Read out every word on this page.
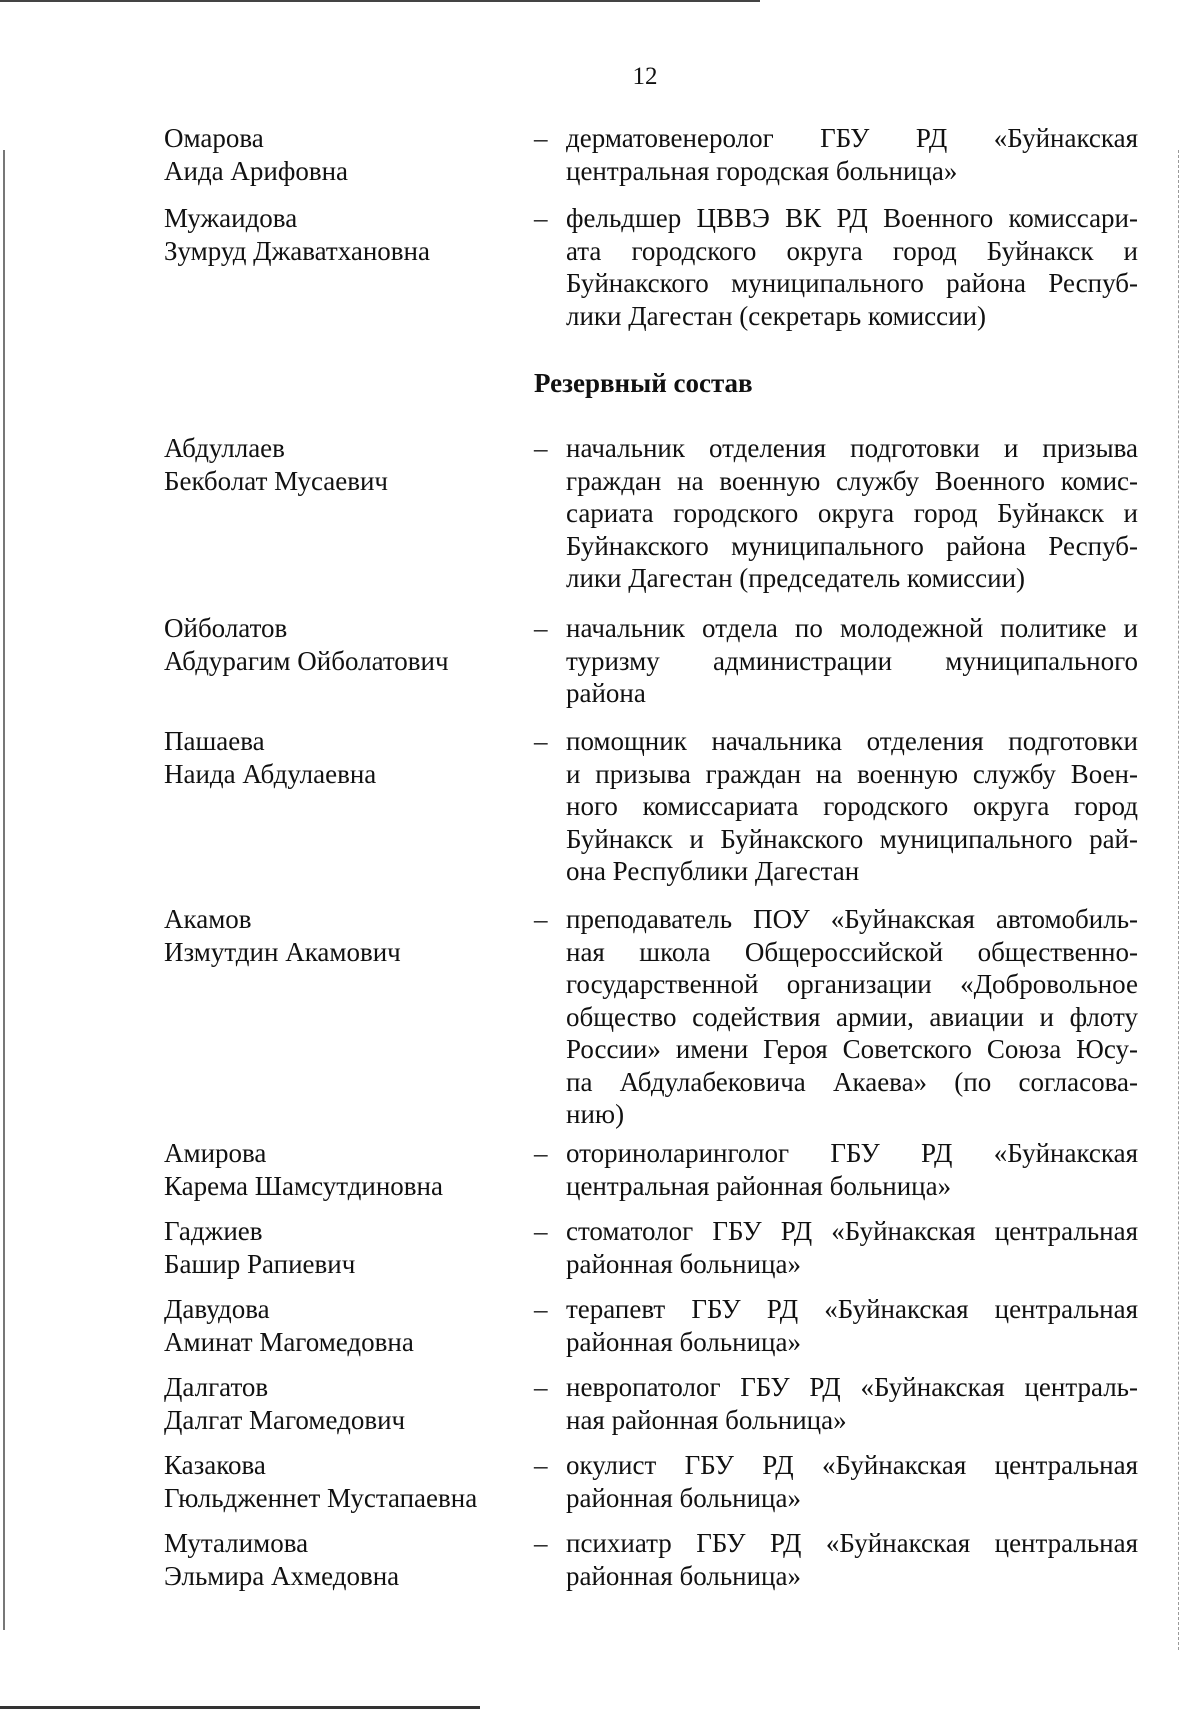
12
Резервный состав
Омарова
Аида Арифовна
– дерматовенеролог ГБУ РД «Буйнакская
центральная городская больница»
Мужаидова
Зумруд Джаватхановна
– фельдшер ЦВВЭ ВК РД Военного комиссари-
ата городского округа город Буйнакск и
Буйнакского муниципального района Респуб-
лики Дагестан (секретарь комиссии)
Абдуллаев
Бекболат Мусаевич
– начальник отделения подготовки и призыва
граждан на военную службу Военного комис-
сариата городского округа город Буйнакск и
Буйнакского муниципального района Респуб-
лики Дагестан (председатель комиссии)
Ойболатов
Абдурагим Ойболатович
– начальник отдела по молодежной политике и
туризму администрации муниципального
района
Пашаева
Наида Абдулаевна
– помощник начальника отделения подготовки
и призыва граждан на военную службу Воен-
ного комиссариата городского округа город
Буйнакск и Буйнакского муниципального рай-
она Республики Дагестан
Акамов
Измутдин Акамович
– преподаватель ПОУ «Буйнакская автомобиль-
ная школа Общероссийской общественно-
государственной организации «Добровольное
общество содействия армии, авиации и флоту
России» имени Героя Советского Союза Юсу-
па Абдулабековича Акаева» (по согласова-
нию)
Амирова
Карема Шамсутдиновна
– оториноларинголог ГБУ РД «Буйнакская
центральная районная больница»
Гаджиев
Башир Рапиевич
– стоматолог ГБУ РД «Буйнакская центральная
районная больница»
Давудова
Аминат Магомедовна
– терапевт ГБУ РД «Буйнакская центральная
районная больница»
Далгатов
Далгат Магомедович
– невропатолог ГБУ РД «Буйнакская централь-
ная районная больница»
Казакова
Гюльдженнет Мустапаевна
– окулист ГБУ РД «Буйнакская центральная
районная больница»
Муталимова
Эльмира Ахмедовна
– психиатр ГБУ РД «Буйнакская центральная
районная больница»
